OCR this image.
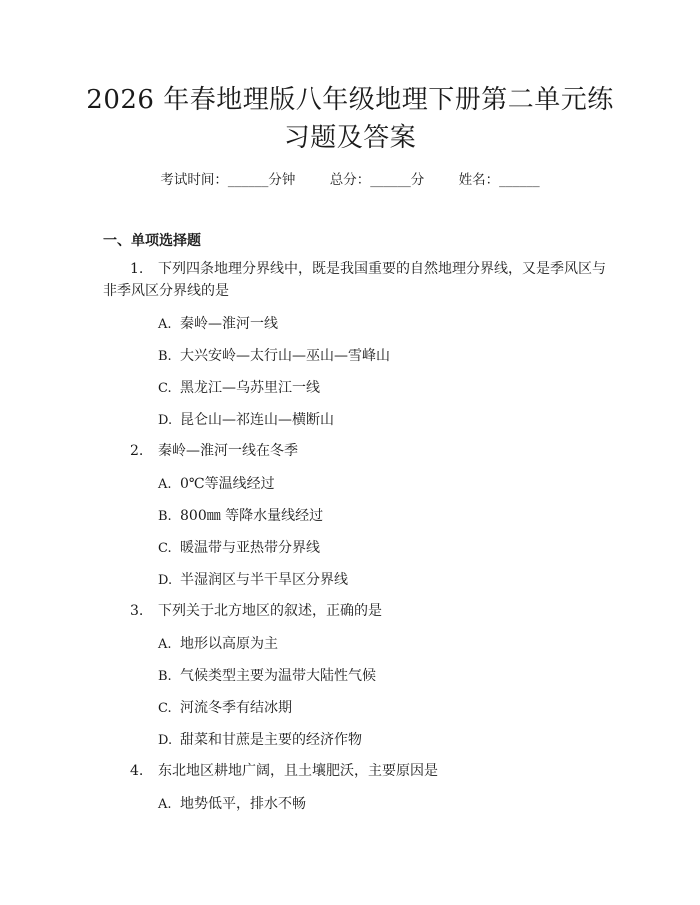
2026 年春地理版八年级地理下册第二单元练
习题及答案
考试时间：______分钟	总分：______分	姓名：______
一、单项选择题
1. 下列四条地理分界线中，既是我国重要的自然地理分界线，又是季风区与
非季风区分界线的是
A. 秦岭—淮河一线
B. 大兴安岭—太行山—巫山—雪峰山
C. 黑龙江—乌苏里江一线
D. 昆仑山—祁连山—横断山
2. 秦岭—淮河一线在冬季
A. 0℃等温线经过
B. 800㎜ 等降水量线经过
C. 暖温带与亚热带分界线
D. 半湿润区与半干旱区分界线
3. 下列关于北方地区的叙述，正确的是
A. 地形以高原为主
B. 气候类型主要为温带大陆性气候
C. 河流冬季有结冰期
D. 甜菜和甘蔗是主要的经济作物
4. 东北地区耕地广阔，且土壤肥沃，主要原因是
A. 地势低平，排水不畅
